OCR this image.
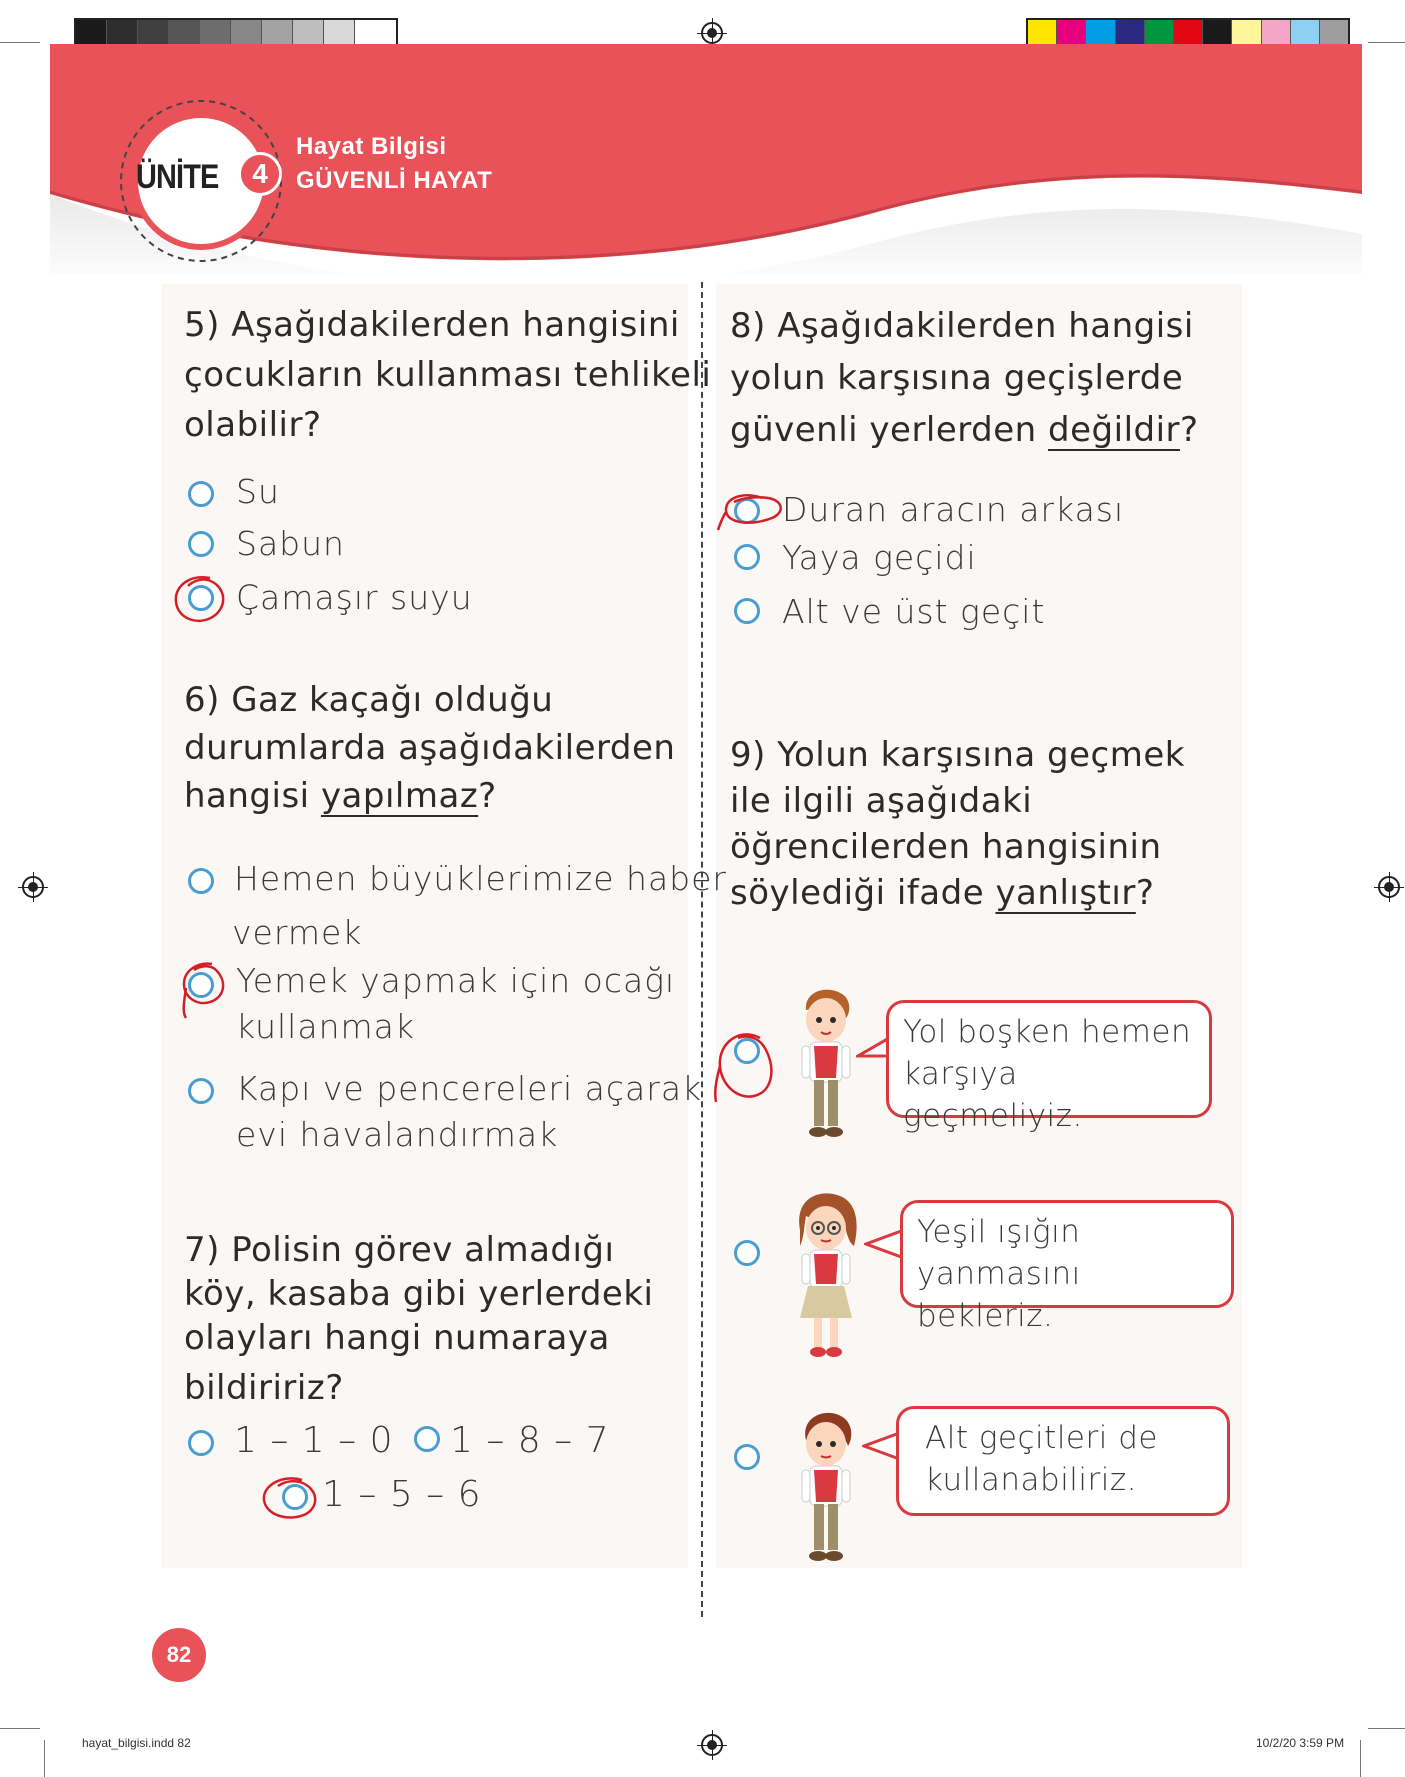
ÜNİTE	4
Hayat Bilgisi
GÜVENLİ HAYAT
5) Aşağıdakilerden hangisini
çocukların kullanması tehlikeli
olabilir?
Su
Sabun
Çamaşır suyu
6) Gaz kaçağı olduğu
durumlarda aşağıdakilerden
hangisi yapılmaz?
Hemen büyüklerimize haber
vermek
Yemek yapmak için ocağı
kullanmak
Kapı ve pencereleri açarak
evi havalandırmak
7) Polisin görev almadığı
köy, kasaba gibi yerlerdeki
olayları hangi numaraya
bildiririz?
1 – 1 – 0 1 – 8 – 7
1 – 5 – 6
8) Aşağıdakilerden hangisi
yolun karşısına geçişlerde
güvenli yerlerden değildir?
Duran aracın arkası
Yaya geçidi
Alt ve üst geçit
9) Yolun karşısına geçmek
ile ilgili aşağıdaki
öğrencilerden hangisinin
söylediği ifade yanlıştır?
Yol boşken hemen
karşıya geçmeliyiz.
Yeşil ışığın yanmasını
bekleriz.
Alt geçitleri de
kullanabiliriz.
82
hayat_bilgisi.indd 82	10/2/20 3:59 PM
